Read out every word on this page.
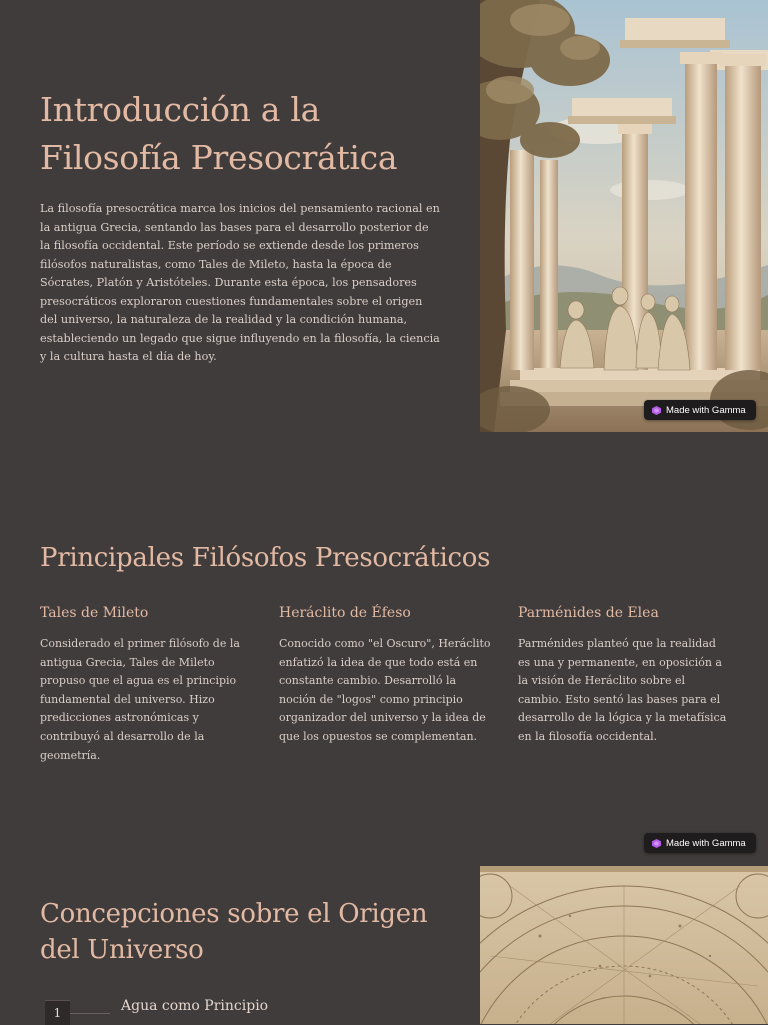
Introducción a la
Filosofía Presocrática

La filosofía presocrática marca los inicios del pensamiento racional en la antigua Grecia, sentando las bases para el desarrollo posterior de la filosofía occidental. Este período se extiende desde los primeros filósofos naturalistas, como Tales de Mileto, hasta la época de Sócrates, Platón y Aristóteles. Durante esta época, los pensadores presocráticos exploraron cuestiones fundamentales sobre el origen del universo, la naturaleza de la realidad y la condición humana, estableciendo un legado que sigue influyendo en la filosofía, la ciencia y la cultura hasta el día de hoy.

Made with Gamma
Principales Filósofos Presocráticos
Tales de Mileto

Considerado el primer filósofo de la antigua Grecia, Tales de Mileto propuso que el agua es el principio fundamental del universo. Hizo predicciones astronómicas y contribuyó al desarrollo de la geometría.

Heráclito de Éfeso

Conocido como "el Oscuro", Heráclito enfatizó la idea de que todo está en constante cambio. Desarrolló la noción de "logos" como principio organizador del universo y la idea de que los opuestos se complementan.

Parménides de Elea

Parménides planteó que la realidad es una y permanente, en oposición a la visión de Heráclito sobre el cambio. Esto sentó las bases para el desarrollo de la lógica y la metafísica en la filosofía occidental.

Made with Gamma
Concepciones sobre el Origen
del Universo
1	Agua como Principio
